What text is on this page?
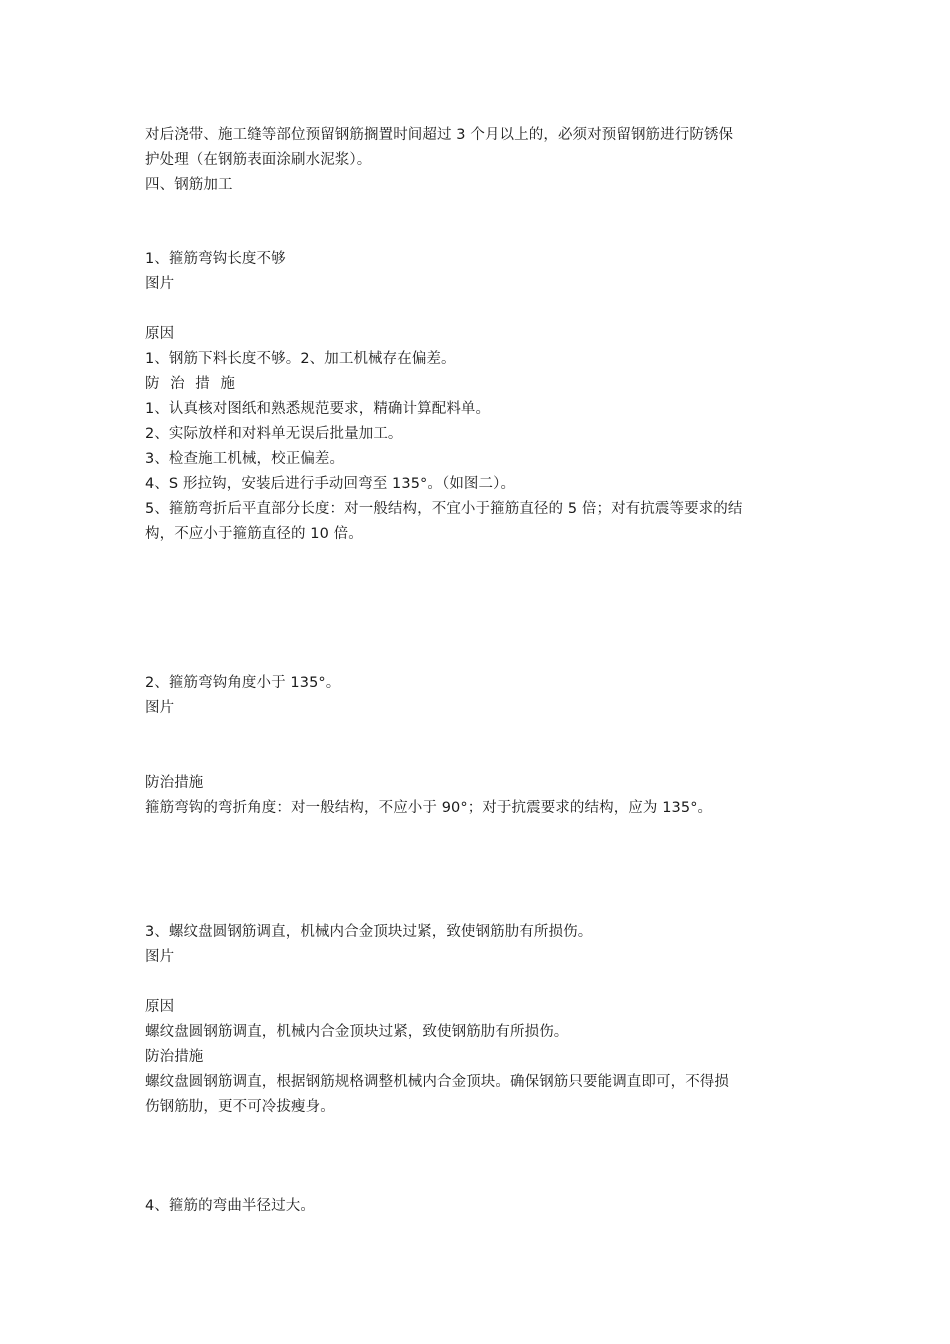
对后浇带、施工缝等部位预留钢筋搁置时间超过 3 个月以上的，必须对预留钢筋进行防锈保
护处理（在钢筋表面涂刷水泥浆）。
四、钢筋加工
1、箍筋弯钩长度不够
图片
原因
1、钢筋下料长度不够。2、加工机械存在偏差。
防 治 措 施
1、认真核对图纸和熟悉规范要求，精确计算配料单。
2、实际放样和对料单无误后批量加工。
3、检查施工机械，校正偏差。
4、S 形拉钩，安装后进行手动回弯至 135°。（如图二）。
5、箍筋弯折后平直部分长度：对一般结构，不宜小于箍筋直径的 5 倍；对有抗震等要求的结
构，不应小于箍筋直径的 10 倍。
2、箍筋弯钩角度小于 135°。
图片
防治措施
箍筋弯钩的弯折角度：对一般结构，不应小于 90°；对于抗震要求的结构，应为 135°。
3、螺纹盘圆钢筋调直，机械内合金顶块过紧，致使钢筋肋有所损伤。
图片
原因
螺纹盘圆钢筋调直，机械内合金顶块过紧，致使钢筋肋有所损伤。
防治措施
螺纹盘圆钢筋调直，根据钢筋规格调整机械内合金顶块。确保钢筋只要能调直即可，不得损
伤钢筋肋，更不可冷拔瘦身。
4、箍筋的弯曲半径过大。
